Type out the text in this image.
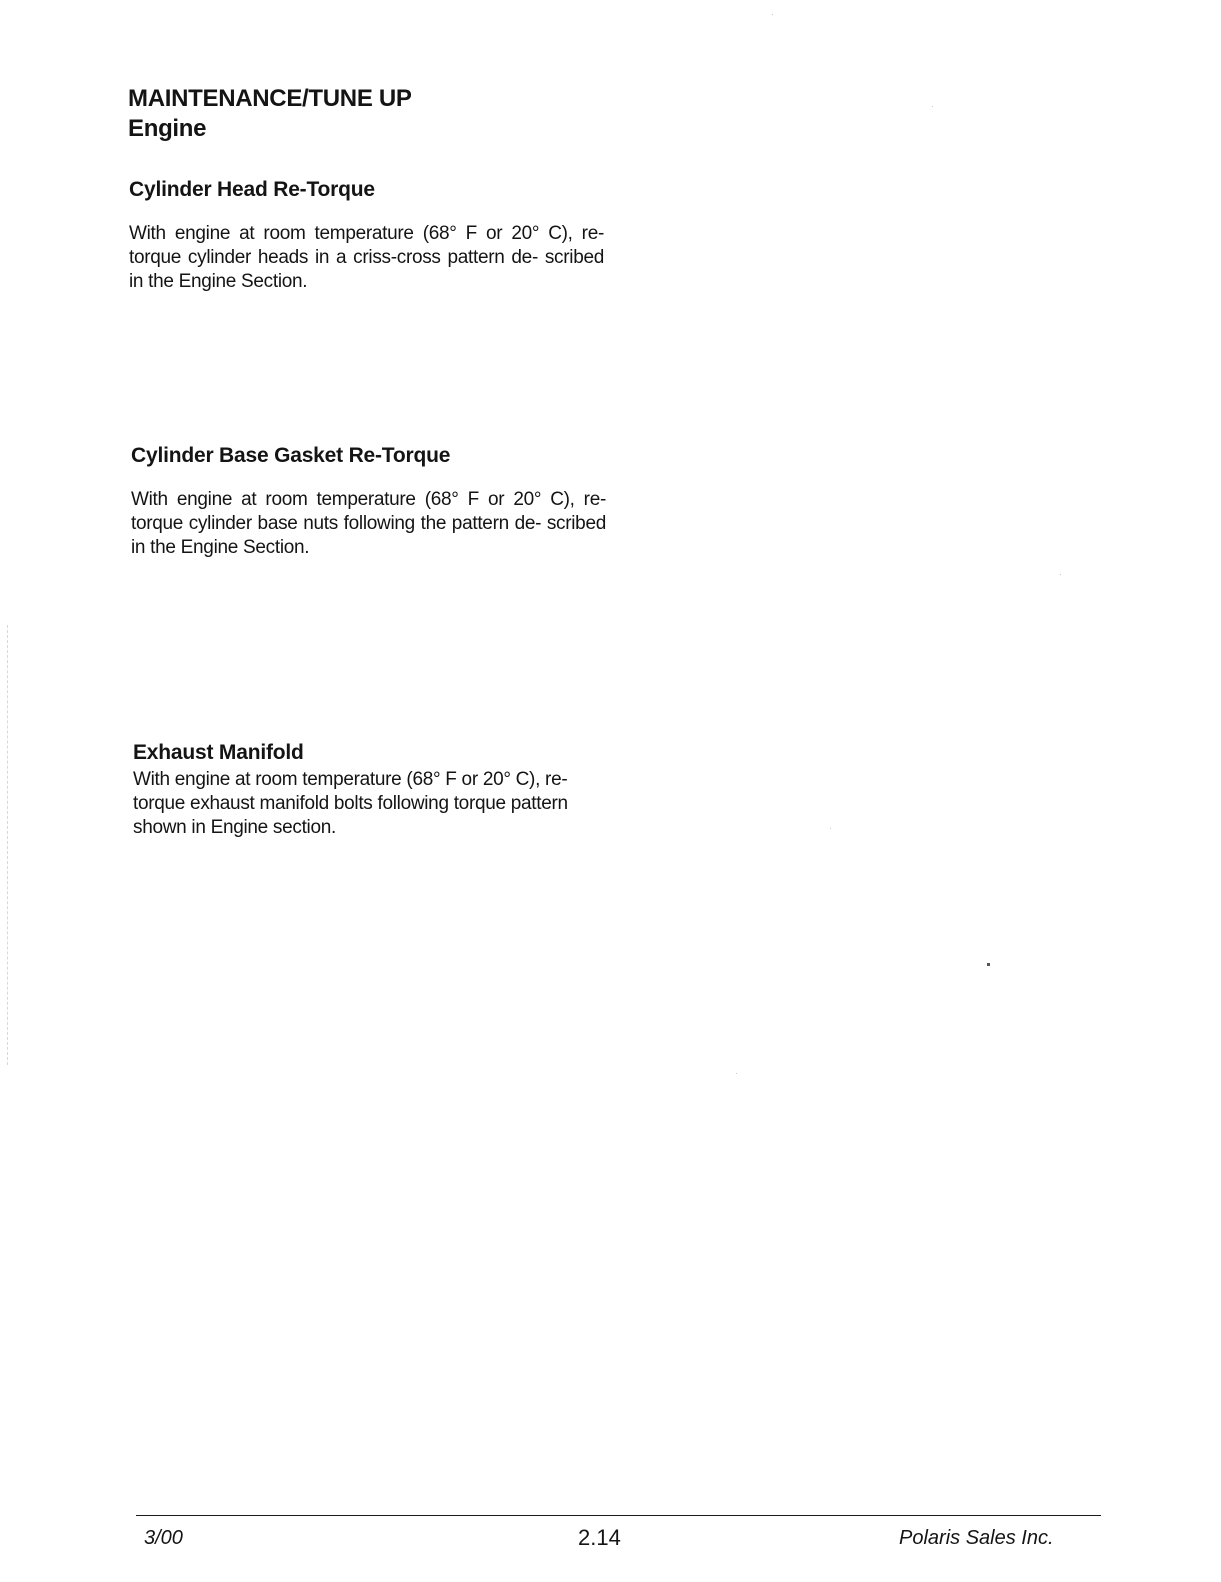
MAINTENANCE/TUNE UP
Engine
Cylinder Head Re-Torque

With engine at room temperature (68° F or 20° C), re- torque cylinder heads in a criss-cross pattern de- scribed in the Engine Section.

Cylinder Base Gasket Re-Torque

With engine at room temperature (68° F or 20° C), re- torque cylinder base nuts following the pattern de- scribed in the Engine Section.

Exhaust Manifold

With engine at room temperature (68° F or 20° C), re-
torque exhaust manifold bolts following torque pattern
shown in Engine section.

3/00	2.14	Polaris Sales Inc.
